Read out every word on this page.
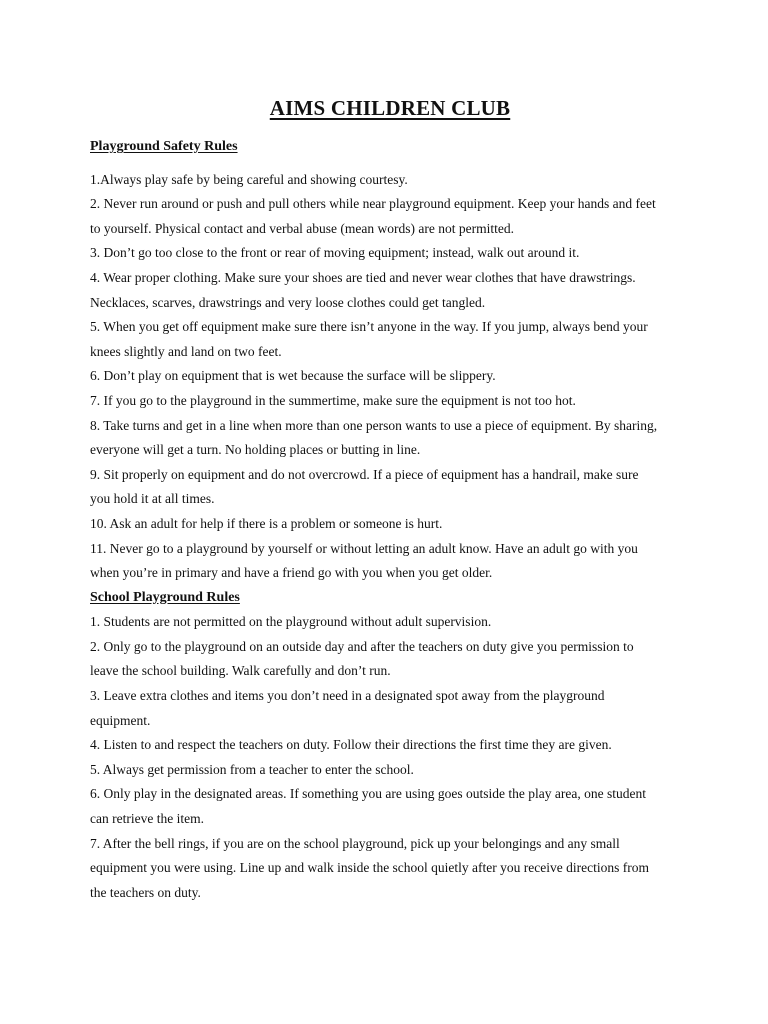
AIMS CHILDREN CLUB
Playground Safety Rules
1.Always play safe by being careful and showing courtesy.
2. Never run around or push and pull others while near playground equipment. Keep your hands and feet
to yourself. Physical contact and verbal abuse (mean words) are not permitted.
3. Don’t go too close to the front or rear of moving equipment; instead, walk out around it.
4. Wear proper clothing. Make sure your shoes are tied and never wear clothes that have drawstrings.
Necklaces, scarves, drawstrings and very loose clothes could get tangled.
5. When you get off equipment make sure there isn’t anyone in the way. If you jump, always bend your
knees slightly and land on two feet.
6. Don’t play on equipment that is wet because the surface will be slippery.
7. If you go to the playground in the summertime, make sure the equipment is not too hot.
8. Take turns and get in a line when more than one person wants to use a piece of equipment. By sharing,
everyone will get a turn. No holding places or butting in line.
9. Sit properly on equipment and do not overcrowd. If a piece of equipment has a handrail, make sure
you hold it at all times.
10. Ask an adult for help if there is a problem or someone is hurt.
11. Never go to a playground by yourself or without letting an adult know. Have an adult go with you
when you’re in primary and have a friend go with you when you get older.
School Playground Rules
1. Students are not permitted on the playground without adult supervision.
2. Only go to the playground on an outside day and after the teachers on duty give you permission to
leave the school building. Walk carefully and don’t run.
3. Leave extra clothes and items you don’t need in a designated spot away from the playground
equipment.
4. Listen to and respect the teachers on duty. Follow their directions the first time they are given.
5. Always get permission from a teacher to enter the school.
6. Only play in the designated areas. If something you are using goes outside the play area, one student
can retrieve the item.
7. After the bell rings, if you are on the school playground, pick up your belongings and any small
equipment you were using. Line up and walk inside the school quietly after you receive directions from
the teachers on duty.
